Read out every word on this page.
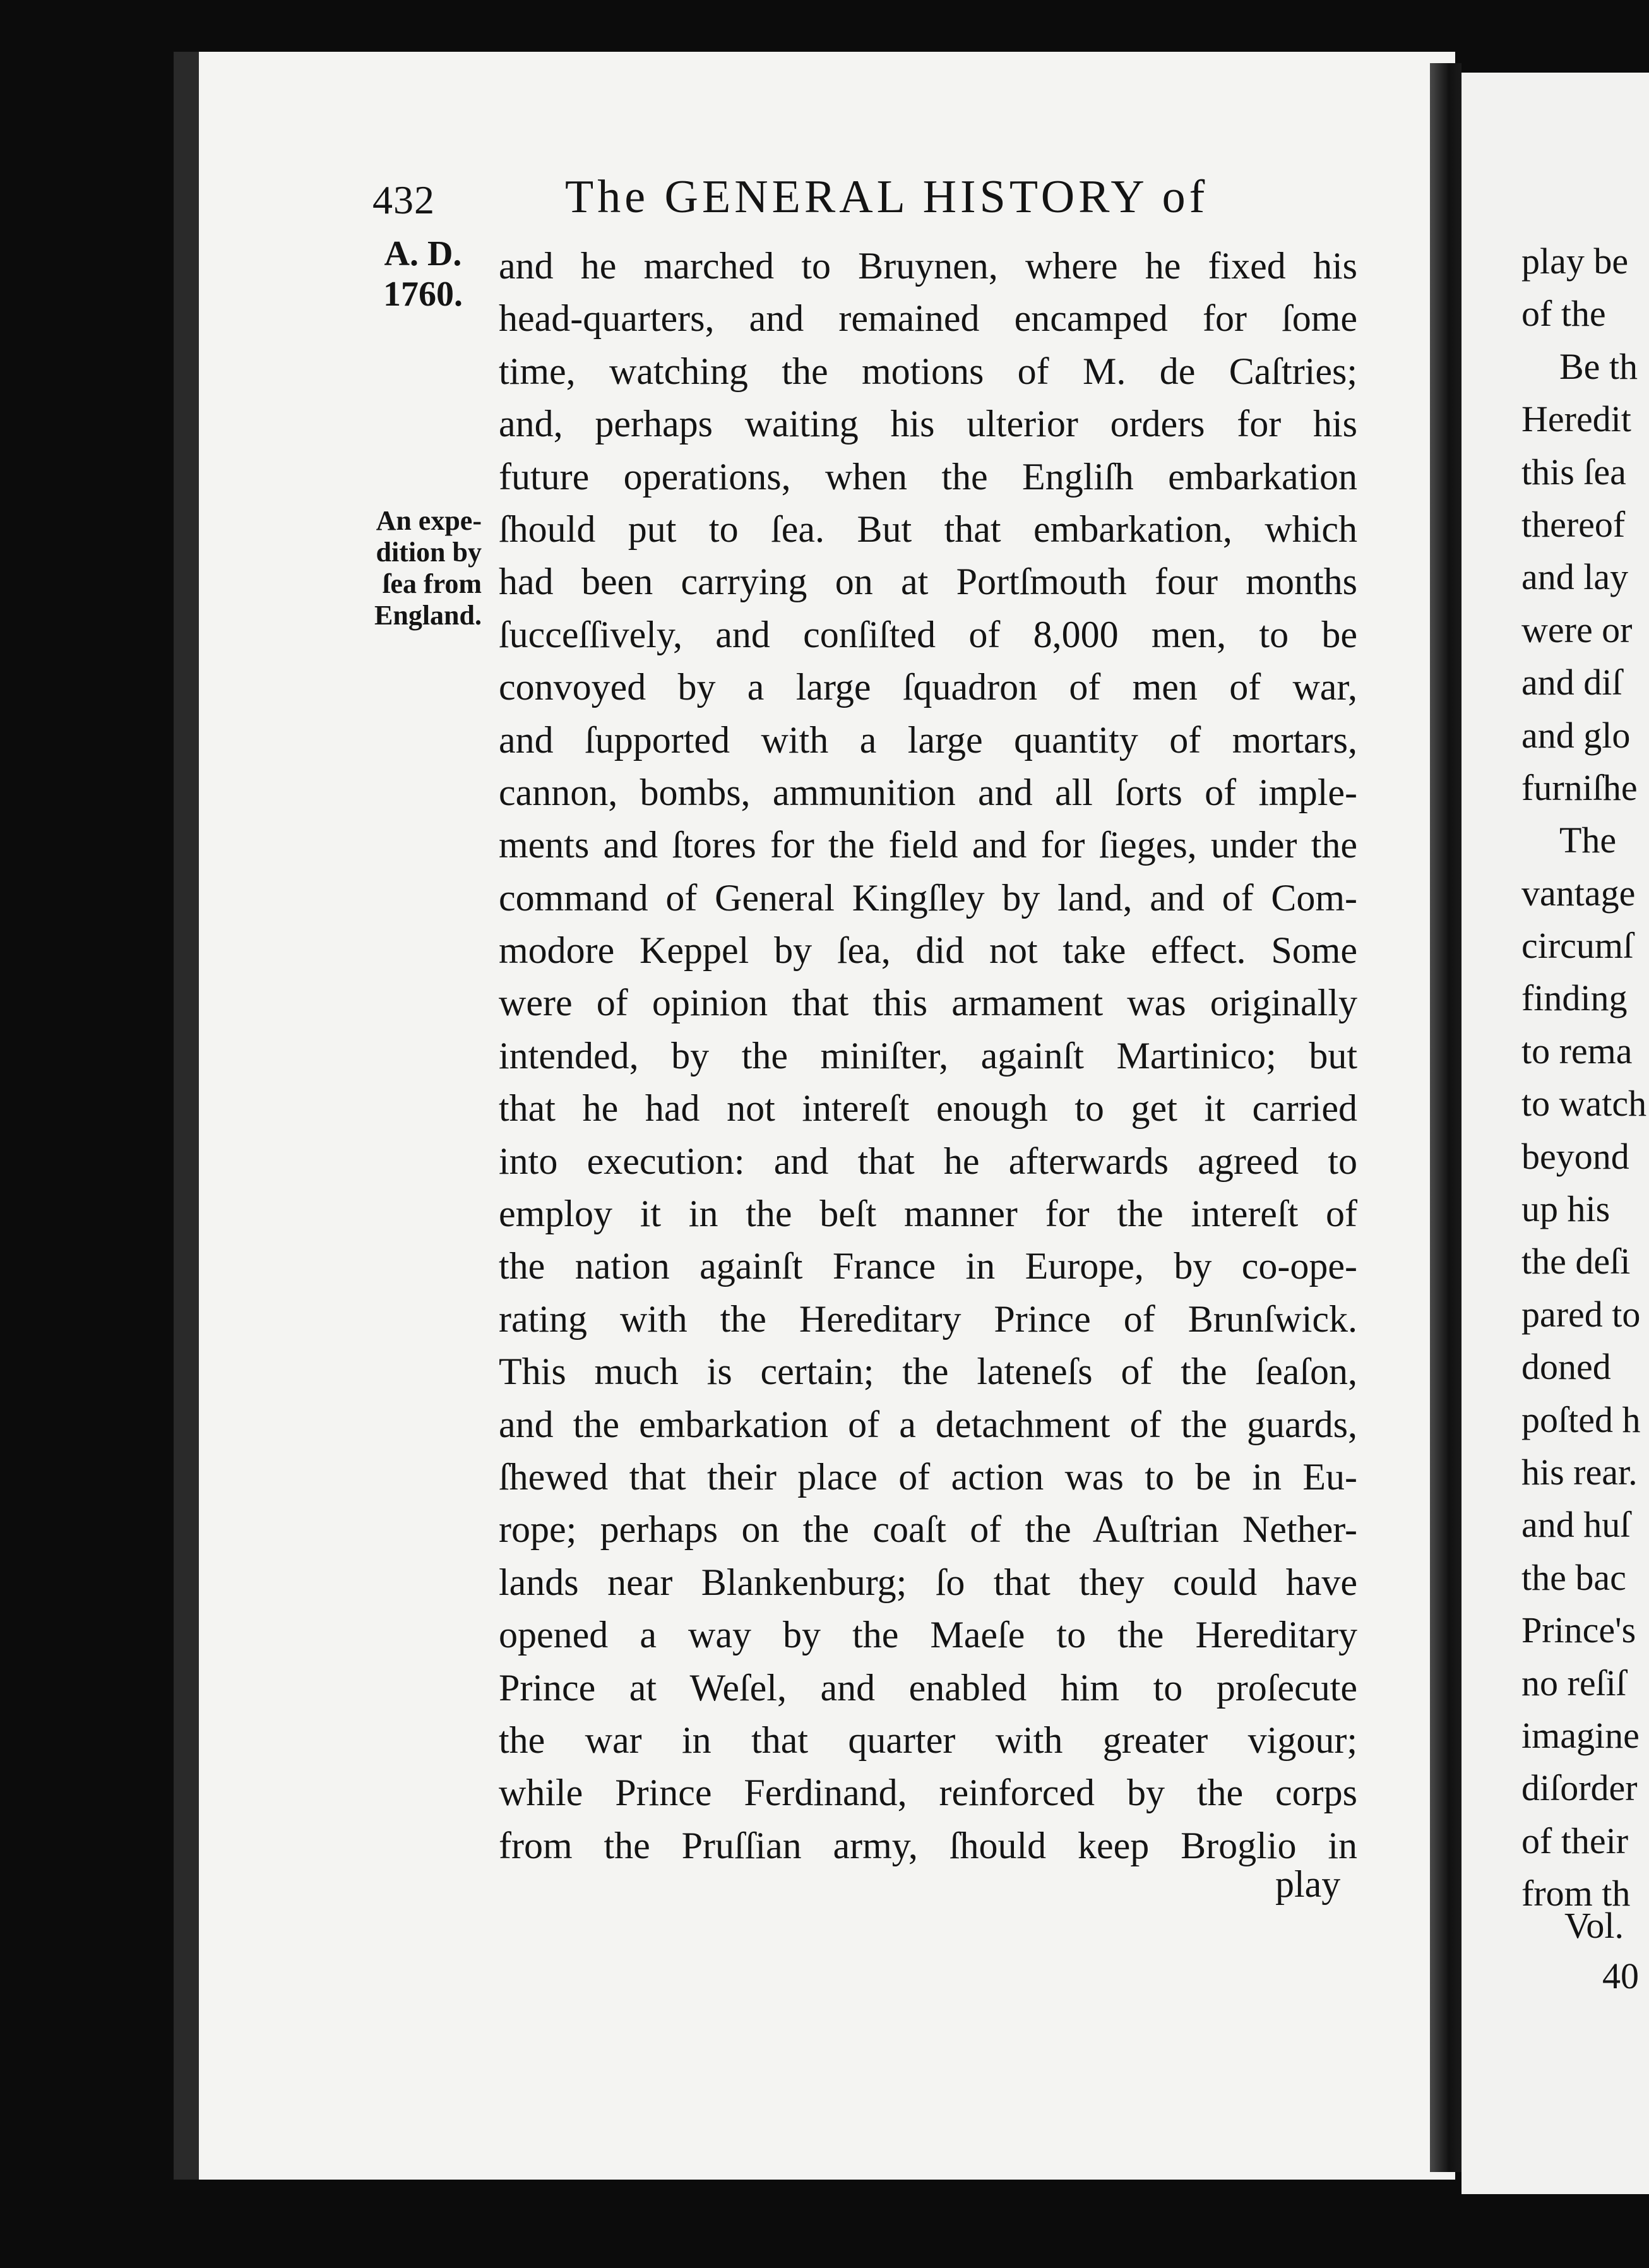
432	The GENERAL HISTORY of
A. D.
1760.
An expe-
dition by
ſea from
England.
and he marched to Bruynen, where he fixed his
head-quarters, and remained encamped for ſome
time, watching the motions of M. de Caſtries;
and, perhaps waiting his ulterior orders for his
future operations, when the Engliſh embarkation
ſhould put to ſea. But that embarkation, which
had been carrying on at Portſmouth four months
ſucceſſively, and conſiſted of 8,000 men, to be
convoyed by a large ſquadron of men of war,
and ſupported with a large quantity of mortars,
cannon, bombs, ammunition and all ſorts of imple-
ments and ſtores for the field and for ſieges, under the
command of General Kingſley by land, and of Com-
modore Keppel by ſea, did not take effect. Some
were of opinion that this armament was originally
intended, by the miniſter, againſt Martinico; but
that he had not intereſt enough to get it carried
into execution: and that he afterwards agreed to
employ it in the beſt manner for the intereſt of
the nation againſt France in Europe, by co-ope-
rating with the Hereditary Prince of Brunſwick.
This much is certain; the lateneſs of the ſeaſon,
and the embarkation of a detachment of the guards,
ſhewed that their place of action was to be in Eu-
rope; perhaps on the coaſt of the Auſtrian Nether-
lands near Blankenburg; ſo that they could have
opened a way by the Maeſe to the Hereditary
Prince at Weſel, and enabled him to proſecute
the war in that quarter with greater vigour;
while Prince Ferdinand, reinforced by the corps
from the Pruſſian army, ſhould keep Broglio in
play
play be
of the
Be th
Heredit
this ſea
thereof
and lay
were or
and diſ
and glo
furniſhe
The
vantage
circumſ
finding
to rema
to watch
beyond
up his
the deſi
pared to
doned
poſted h
his rear.
and huſ
the bac
Prince's
no reſiſ
imagine
diſorder
of their
from th
Vol.
40
